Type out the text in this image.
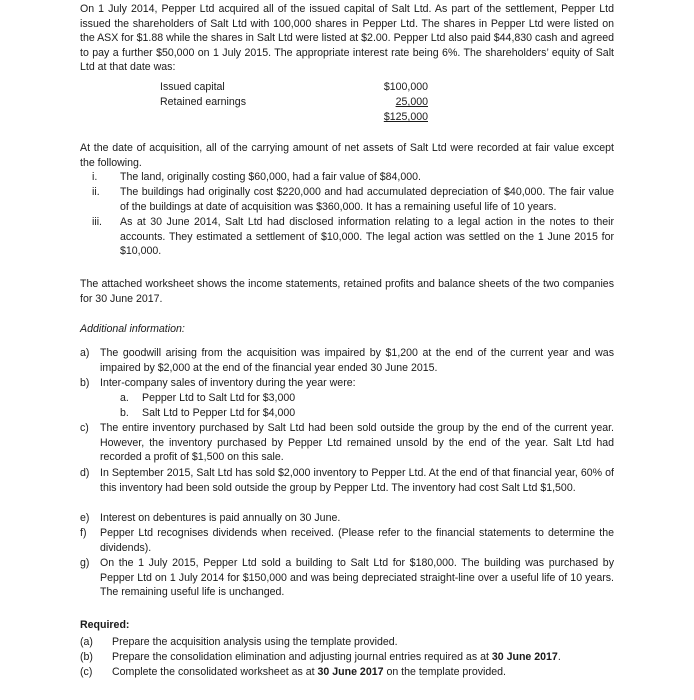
On 1 July 2014, Pepper Ltd acquired all of the issued capital of Salt Ltd. As part of the settlement, Pepper Ltd issued the shareholders of Salt Ltd with 100,000 shares in Pepper Ltd. The shares in Pepper Ltd were listed on the ASX for $1.88 while the shares in Salt Ltd were listed at $2.00. Pepper Ltd also paid $44,830 cash and agreed to pay a further $50,000 on 1 July 2015. The appropriate interest rate being 6%. The shareholders’ equity of Salt Ltd at that date was:
Issued capital	$100,000
Retained earnings	25,000
$125,000
At the date of acquisition, all of the carrying amount of net assets of Salt Ltd were recorded at fair value except the following.
i.	The land, originally costing $60,000, had a fair value of $84,000.
ii.	The buildings had originally cost $220,000 and had accumulated depreciation of $40,000. The fair value of the buildings at date of acquisition was $360,000. It has a remaining useful life of 10 years.
iii.	As at 30 June 2014, Salt Ltd had disclosed information relating to a legal action in the notes to their accounts. They estimated a settlement of $10,000. The legal action was settled on the 1 June 2015 for $10,000.
The attached worksheet shows the income statements, retained profits and balance sheets of the two companies for 30 June 2017.
Additional information:
a) The goodwill arising from the acquisition was impaired by $1,200 at the end of the current year and was impaired by $2,000 at the end of the financial year ended 30 June 2015.
b) Inter-company sales of inventory during the year were:
a.	Pepper Ltd to Salt Ltd for $3,000
b.	Salt Ltd to Pepper Ltd for $4,000
c)	The entire inventory purchased by Salt Ltd had been sold outside the group by the end of the current year. However, the inventory purchased by Pepper Ltd remained unsold by the end of the year. Salt Ltd had recorded a profit of $1,500 on this sale.
d) In September 2015, Salt Ltd has sold $2,000 inventory to Pepper Ltd. At the end of that financial year, 60% of this inventory had been sold outside the group by Pepper Ltd. The inventory had cost Salt Ltd $1,500.
e) Interest on debentures is paid annually on 30 June.
f)	Pepper Ltd recognises dividends when received. (Please refer to the financial statements to determine the dividends).
g) On the 1 July 2015, Pepper Ltd sold a building to Salt Ltd for $180,000. The building was purchased by Pepper Ltd on 1 July 2014 for $150,000 and was being depreciated straight-line over a useful life of 10 years. The remaining useful life is unchanged.
Required:
(a)	Prepare the acquisition analysis using the template provided.
(b)	Prepare the consolidation elimination and adjusting journal entries required as at 30 June 2017.
(c)	Complete the consolidated worksheet as at 30 June 2017 on the template provided.
